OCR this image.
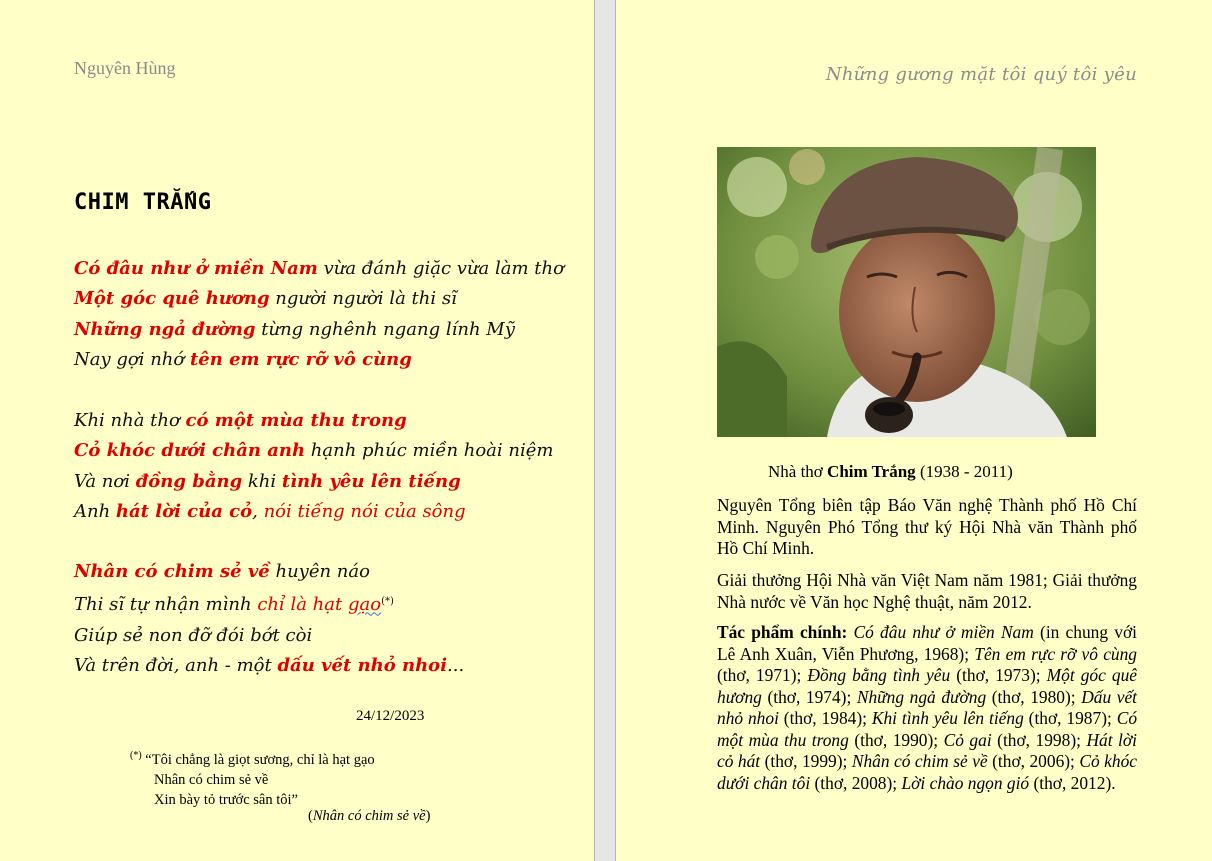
Nguyên Hùng
CHIM TRẮNG
Có đâu như ở miền Nam vừa đánh giặc vừa làm thơ
Một góc quê hương người người là thi sĩ
Những ngả đường từng nghênh ngang lính Mỹ
Nay gợi nhớ tên em rực rỡ vô cùng
Khi nhà thơ có một mùa thu trong
Cỏ khóc dưới chân anh hạnh phúc miền hoài niệm
Và nơi đồng bằng khi tình yêu lên tiếng
Anh hát lời của cỏ, nói tiếng nói của sông
Nhân có chim sẻ về huyên náo
Thi sĩ tự nhận mình chỉ là hạt gạo(*)
Giúp sẻ non đỡ đói bớt còi
Và trên đời, anh - một dấu vết nhỏ nhoi...
24/12/2023
(*) “Tôi chẳng là giọt sương, chỉ là hạt gạo
Nhân có chim sẻ về
Xin bày tỏ trước sân tôi”
(Nhân có chim sẻ về)
Những gương mặt tôi quý tôi yêu
Nhà thơ Chim Trắng (1938 - 2011)

Nguyên Tổng biên tập Báo Văn nghệ Thành phố Hồ Chí Minh. Nguyên Phó Tổng thư ký Hội Nhà văn Thành phố Hồ Chí Minh.

Giải thưởng Hội Nhà văn Việt Nam năm 1981; Giải thưởng Nhà nước về Văn học Nghệ thuật, năm 2012.

Tác phẩm chính: Có đâu như ở miền Nam (in chung với Lê Anh Xuân, Viễn Phương, 1968); Tên em rực rỡ vô cùng (thơ, 1971); Đồng bằng tình yêu (thơ, 1973); Một góc quê hương (thơ, 1974); Những ngả đường (thơ, 1980); Dấu vết nhỏ nhoi (thơ, 1984); Khi tình yêu lên tiếng (thơ, 1987); Có một mùa thu trong (thơ, 1990); Cỏ gai (thơ, 1998); Hát lời cỏ hát (thơ, 1999); Nhân có chim sẻ về (thơ, 2006); Cỏ khóc dưới chân tôi (thơ, 2008); Lời chào ngọn gió (thơ, 2012).
